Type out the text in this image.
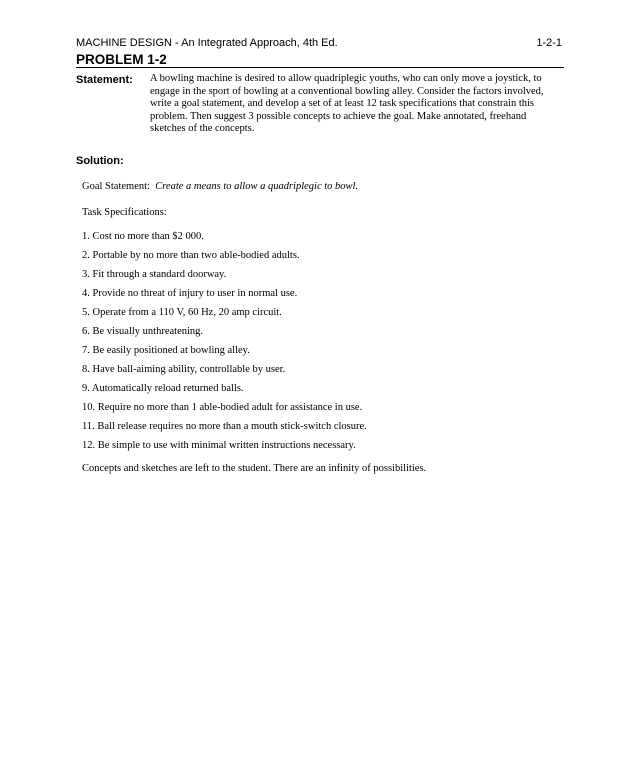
MACHINE DESIGN - An Integrated Approach, 4th Ed.	1-2-1
PROBLEM 1-2
Statement: A bowling machine is desired to allow quadriplegic youths, who can only move a joystick, to
engage in the sport of bowling at a conventional bowling alley. Consider the factors involved,
write a goal statement, and develop a set of at least 12 task specifications that constrain this
problem. Then suggest 3 possible concepts to achieve the goal. Make annotated, freehand
sketches of the concepts.
Solution:
Goal Statement: Create a means to allow a quadriplegic to bowl.
Task Specifications:
1. Cost no more than $2 000.
2. Portable by no more than two able-bodied adults.
3. Fit through a standard doorway.
4. Provide no threat of injury to user in normal use.
5. Operate from a 110 V, 60 Hz, 20 amp circuit.
6. Be visually unthreatening.
7. Be easily positioned at bowling alley.
8. Have ball-aiming ability, controllable by user.
9. Automatically reload returned balls.
10. Require no more than 1 able-bodied adult for assistance in use.
11. Ball release requires no more than a mouth stick-switch closure.
12. Be simple to use with minimal written instructions necessary.
Concepts and sketches are left to the student. There are an infinity of possibilities.
